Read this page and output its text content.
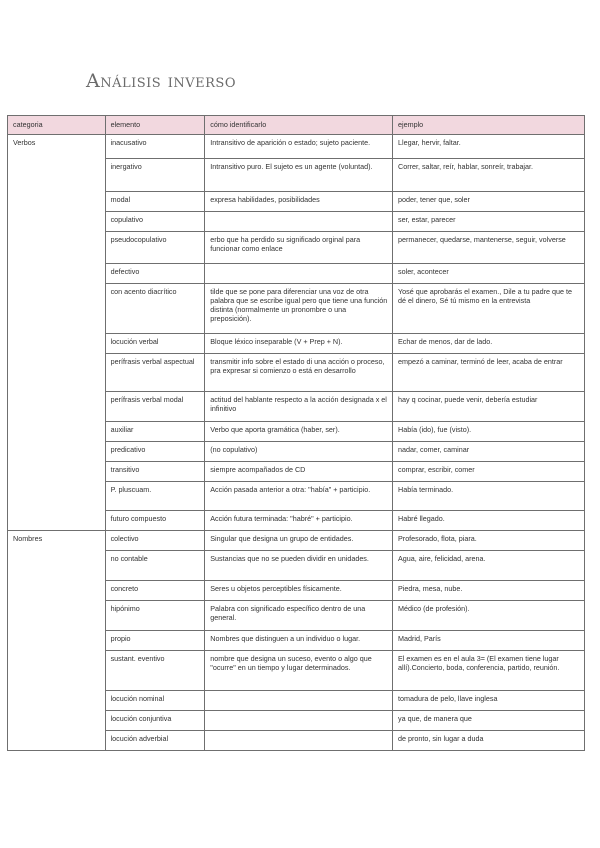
Análisis inverso
categoria	elemento	cómo identificarlo	ejemplo
Verbos	inacusativo	Intransitivo de aparición o estado; sujeto paciente.	Llegar, hervir, faltar.
	inergativo	Intransitivo puro. El sujeto es un agente (voluntad).	Correr, saltar, reír, hablar, sonreír, trabajar.
	modal	expresa habilidades, posibilidades	poder, tener que, soler
	copulativo		ser, estar, parecer
	pseudocopulativo	erbo que ha perdido su significado orginal para funcionar como enlace	permanecer, quedarse, mantenerse, seguir, volverse
	defectivo		soler, acontecer
	con acento diacrítico	tilde que se pone para diferenciar una voz de otra palabra que se escribe igual pero que tiene una función distinta (normalmente un pronombre o una preposición).	Yosé que aprobarás el examen., Dile a tu padre que te dé el dinero, Sé tú mismo en la entrevista
	locución verbal	Bloque léxico inseparable (V + Prep + N).	Echar de menos, dar de lado.
	perífrasis verbal aspectual	transmitir info sobre el estado di una acción o proceso, pra expresar si comienzo o está en desarrollo	empezó a caminar, terminó de leer, acaba de entrar
	perífrasis verbal modal	actitud del hablante respecto a la acción designada x el infinitivo	hay q cocinar, puede venir, debería estudiar
	auxiliar	Verbo que aporta gramática (haber, ser).	Había (ido), fue (visto).
	predicativo	(no copulativo)	nadar, comer, caminar
	transitivo	siempre acompañados de CD	comprar, escribir, comer
	P. pluscuam.	Acción pasada anterior a otra: "había" + participio.	Había terminado.
	futuro compuesto	Acción futura terminada: "habré" + participio.	Habré llegado.
Nombres	colectivo	Singular que designa un grupo de entidades.	Profesorado, flota, piara.
	no contable	Sustancias que no se pueden dividir en unidades.	Agua, aire, felicidad, arena.
	concreto	Seres u objetos perceptibles físicamente.	Piedra, mesa, nube.
	hipónimo	Palabra con significado específico dentro de una general.	Médico (de profesión).
	propio	Nombres que distinguen a un individuo o lugar.	Madrid, París
	sustant. eventivo	nombre que designa un suceso, evento o algo que "ocurre" en un tiempo y lugar determinados.	El examen es en el aula 3= (El examen tiene lugar allí).Concierto, boda, conferencia, partido, reunión.
	locución nominal		tomadura de pelo, llave inglesa
	locución conjuntiva		ya que, de manera que
	locución adverbial		de pronto, sin lugar a duda
